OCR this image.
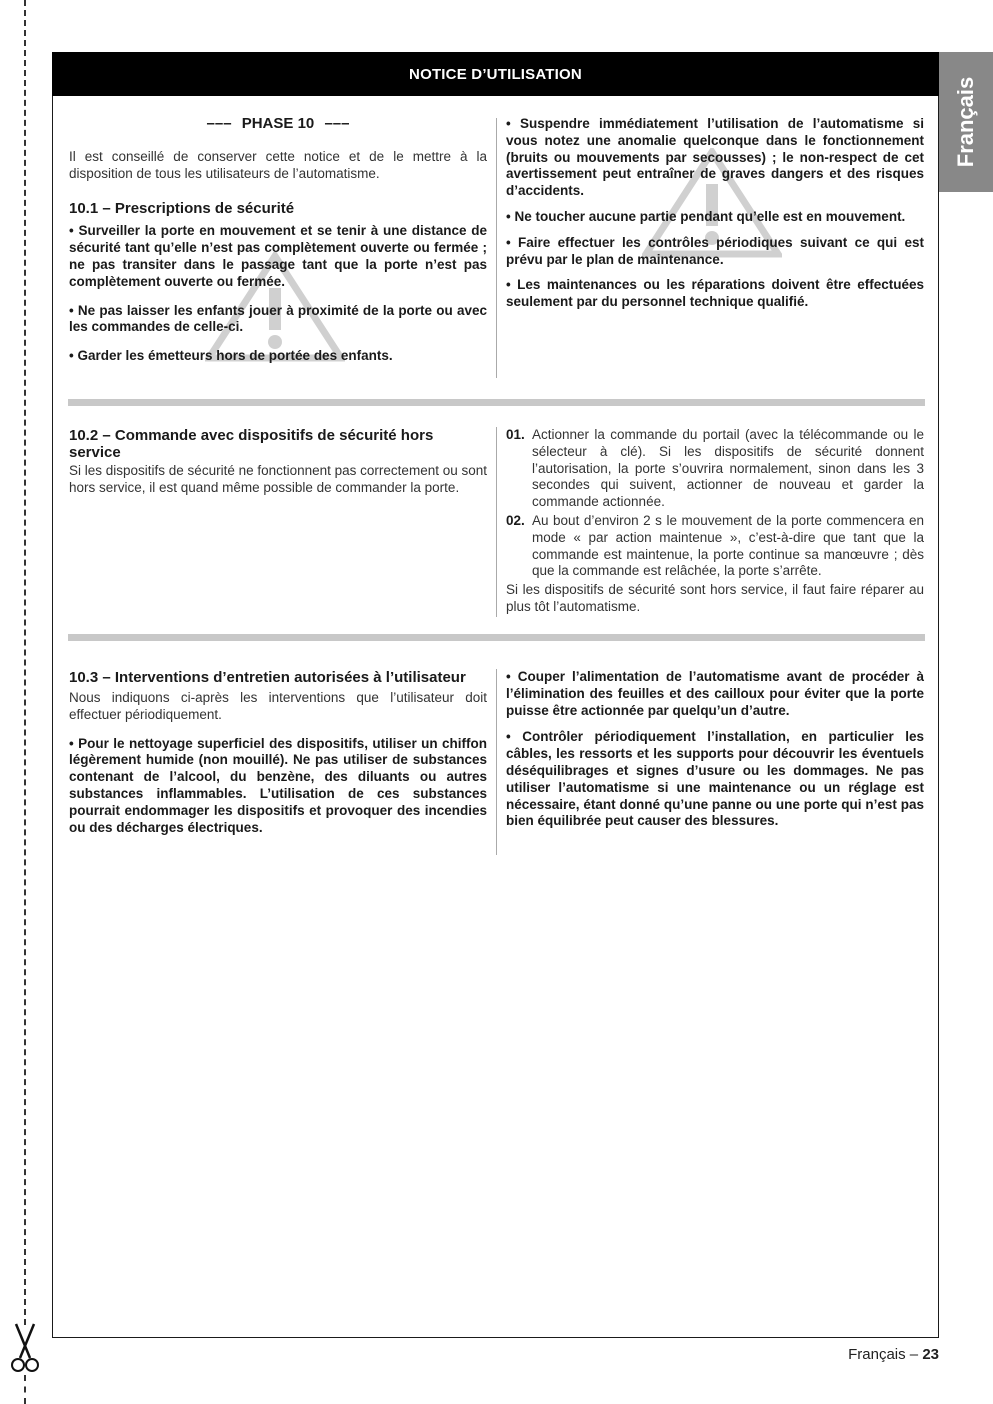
NOTICE D’UTILISATION
Français
––– PHASE 10 –––

Il est conseillé de conserver cette notice et de le mettre à la disposition de tous les utilisateurs de l’automatisme.

10.1 – Prescriptions de sécurité

• Surveiller la porte en mouvement et se tenir à une distance de sécurité tant qu’elle n’est pas complètement ouverte ou fermée ; ne pas transiter dans le passage tant que la porte n’est pas complètement ouverte ou fermée.

• Ne pas laisser les enfants jouer à proximité de la porte ou avec les commandes de celle-ci.

• Garder les émetteurs hors de portée des enfants.

• Suspendre immédiatement l’utilisation de l’automatisme si vous notez une anomalie quelconque dans le fonctionnement (bruits ou mouvements par secousses) ; le non-respect de cet avertissement peut entraîner de graves dangers et des risques d’accidents.

• Ne toucher aucune partie pendant qu’elle est en mouvement.

• Faire effectuer les contrôles périodiques suivant ce qui est prévu par le plan de maintenance.

• Les maintenances ou les réparations doivent être effectuées seulement par du personnel technique qualifié.

10.2 – Commande avec dispositifs de sécurité hors service

Si les dispositifs de sécurité ne fonctionnent pas correctement ou sont hors service, il est quand même possible de commander la porte.

01. Actionner la commande du portail (avec la télécommande ou le sélecteur à clé). Si les dispositifs de sécurité donnent l’autorisation, la porte s’ouvrira normalement, sinon dans les 3 secondes qui suivent, actionner de nouveau et garder la commande actionnée.
02. Au bout d’environ 2 s le mouvement de la porte commencera en mode « par action maintenue », c’est-à-dire que tant que la commande est maintenue, la porte continue sa manœuvre ; dès que la commande est relâchée, la porte s’arrête.

Si les dispositifs de sécurité sont hors service, il faut faire réparer au plus tôt l’automatisme.

10.3 – Interventions d’entretien autorisées à l’utilisateur

Nous indiquons ci-après les interventions que l’utilisateur doit effectuer périodiquement.

• Pour le nettoyage superficiel des dispositifs, utiliser un chiffon légèrement humide (non mouillé). Ne pas utiliser de substances contenant de l’alcool, du benzène, des diluants ou autres substances inflammables. L’utilisation de ces substances pourrait endommager les dispositifs et provoquer des incendies ou des décharges électriques.

• Couper l’alimentation de l’automatisme avant de procéder à l’élimination des feuilles et des cailloux pour éviter que la porte puisse être actionnée par quelqu’un d’autre.

• Contrôler périodiquement l’installation, en particulier les câbles, les ressorts et les supports pour découvrir les éventuels déséquilibrages et signes d’usure ou les dommages. Ne pas utiliser l’automatisme si une maintenance ou un réglage est nécessaire, étant donné qu’une panne ou une porte qui n’est pas bien équilibrée peut causer des blessures.

Français – 23
